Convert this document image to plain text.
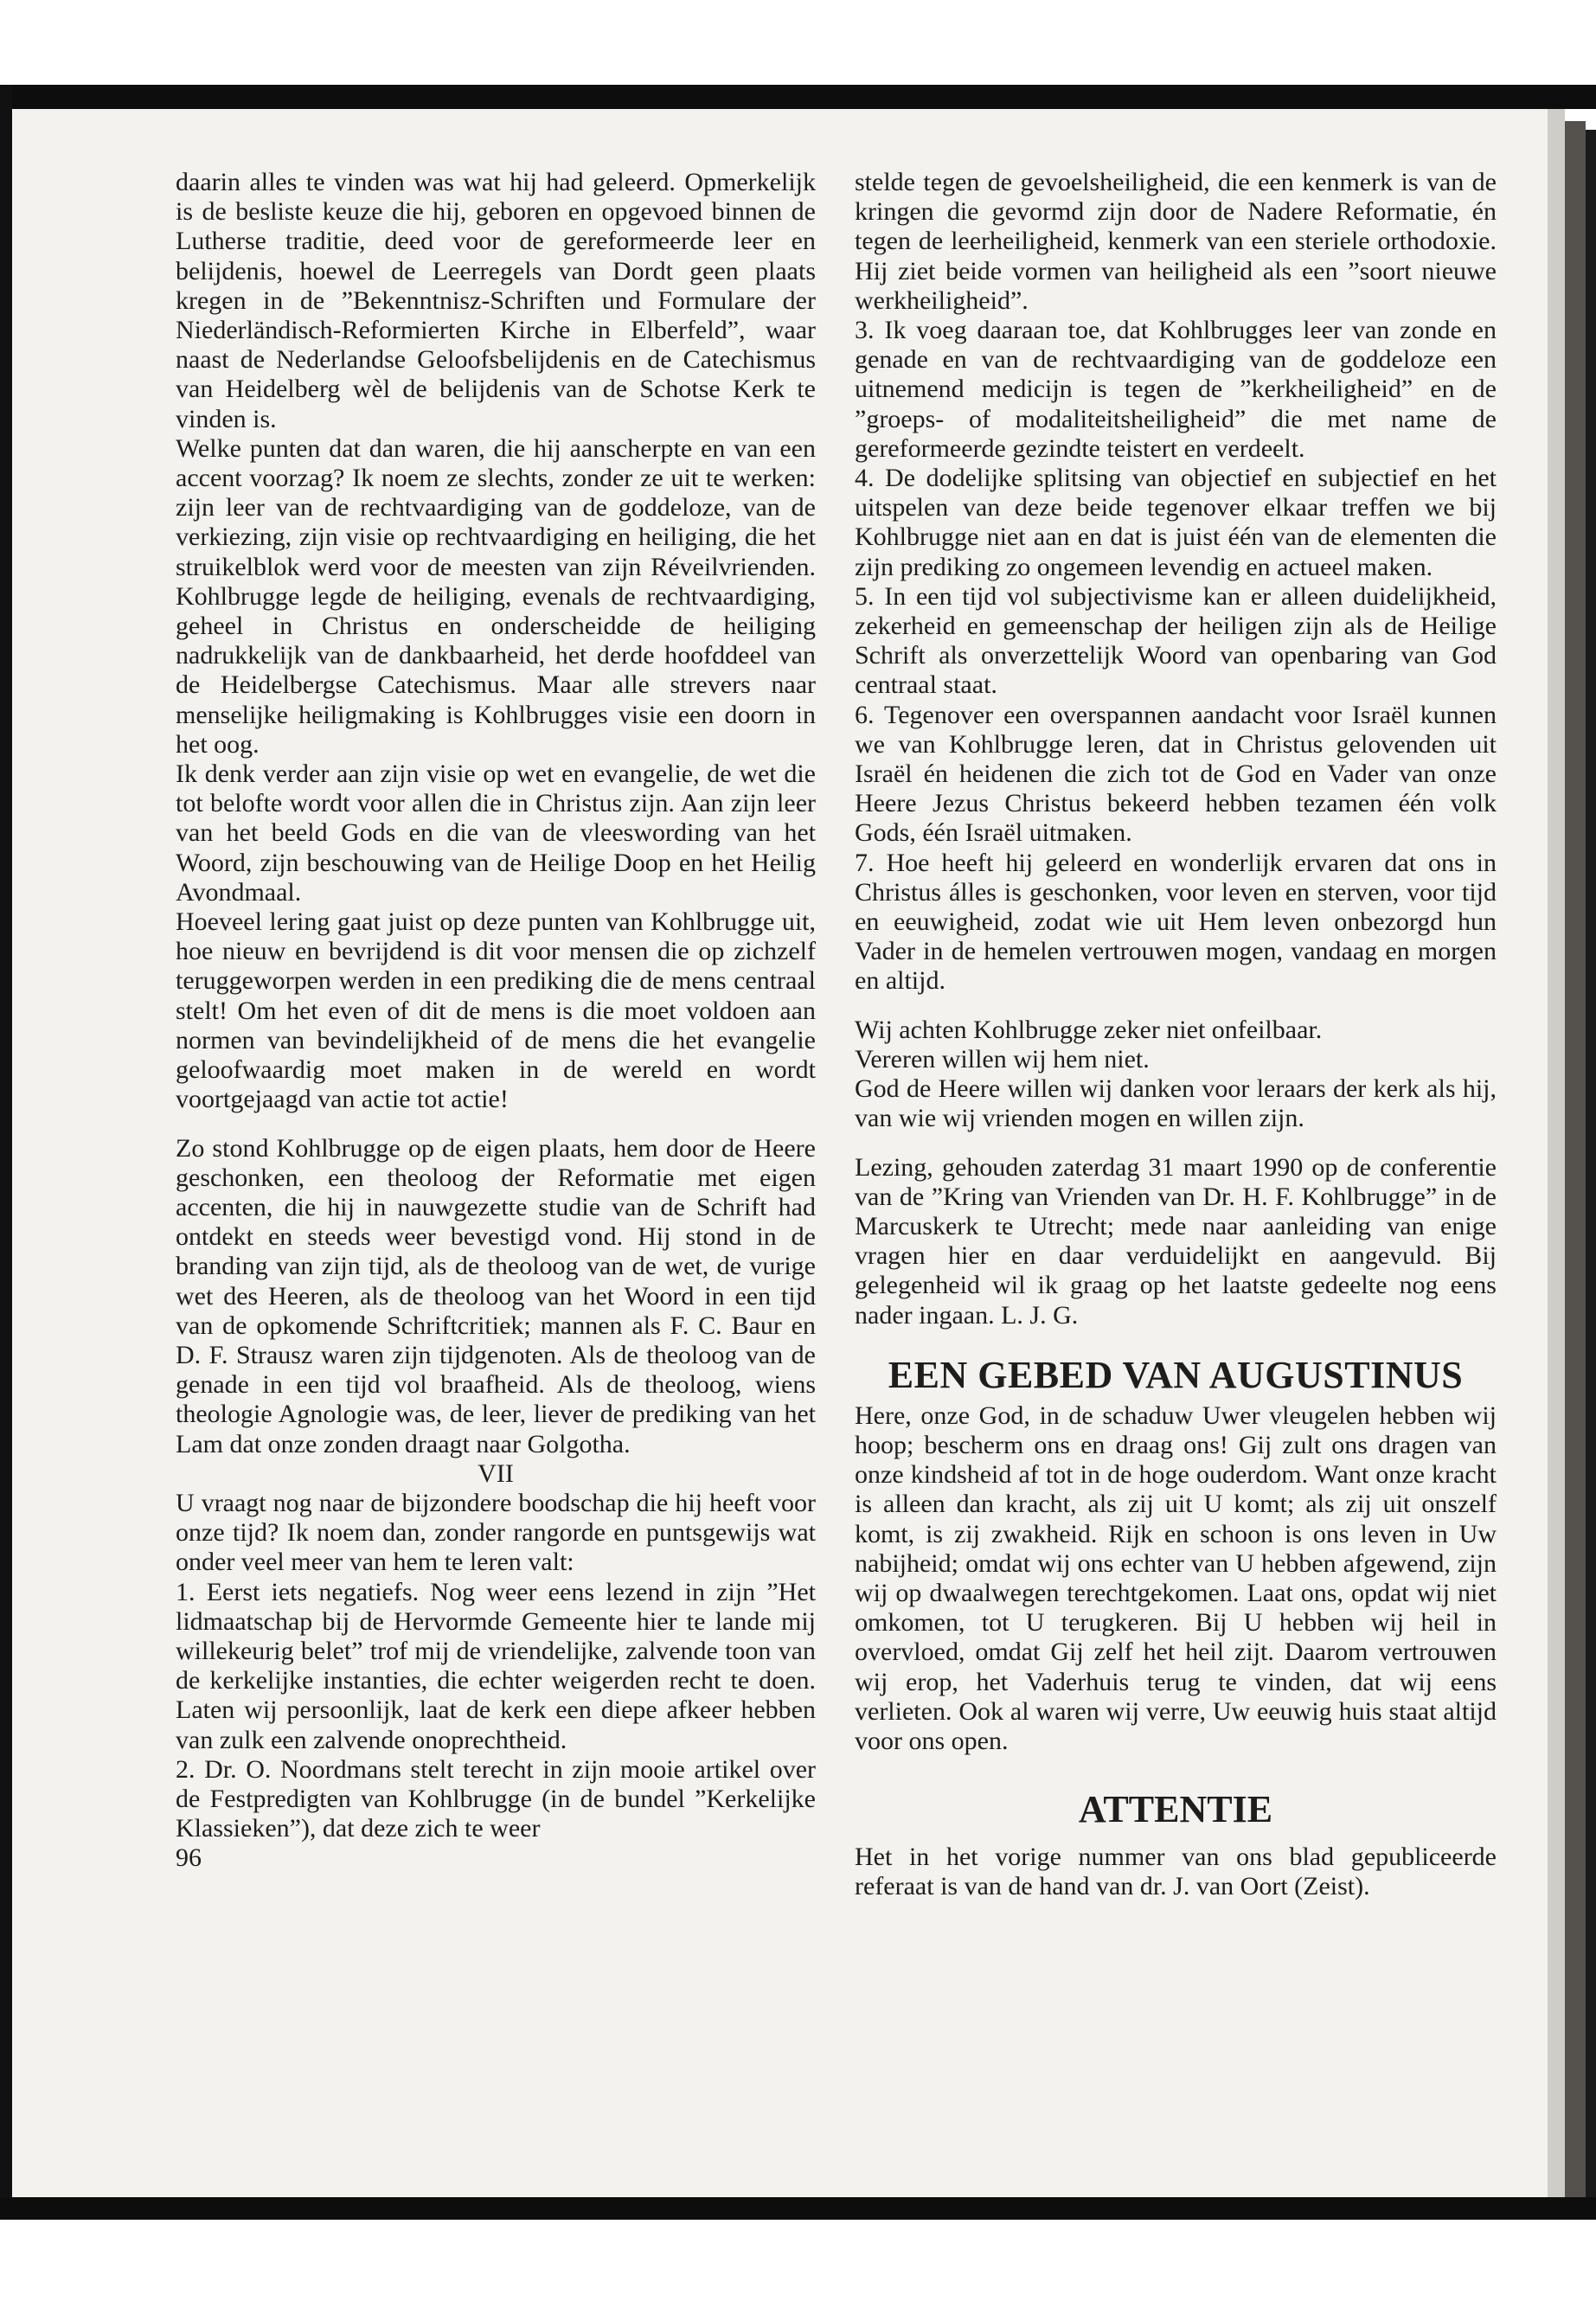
daarin alles te vinden was wat hij had geleerd. Opmerkelijk is de besliste keuze die hij, geboren en opgevoed binnen de Lutherse traditie, deed voor de gereformeerde leer en belijdenis, hoewel de Leerregels van Dordt geen plaats kregen in de ”Bekenntnisz-Schriften und Formulare der Niederländisch-Reformierten Kirche in Elberfeld”, waar naast de Nederlandse Geloofsbelijdenis en de Catechismus van Heidelberg wèl de belijdenis van de Schotse Kerk te vinden is.

Welke punten dat dan waren, die hij aanscherpte en van een accent voorzag? Ik noem ze slechts, zonder ze uit te werken: zijn leer van de rechtvaardiging van de goddeloze, van de verkiezing, zijn visie op rechtvaardiging en heiliging, die het struikelblok werd voor de meesten van zijn Réveilvrienden. Kohlbrugge legde de heiliging, evenals de rechtvaardiging, geheel in Christus en onderscheidde de heiliging nadrukkelijk van de dankbaarheid, het derde hoofddeel van de Heidelbergse Catechismus. Maar alle strevers naar menselijke heiligmaking is Kohlbrugges visie een doorn in het oog.

Ik denk verder aan zijn visie op wet en evangelie, de wet die tot belofte wordt voor allen die in Christus zijn. Aan zijn leer van het beeld Gods en die van de vleeswording van het Woord, zijn beschouwing van de Heilige Doop en het Heilig Avondmaal.

Hoeveel lering gaat juist op deze punten van Kohlbrugge uit, hoe nieuw en bevrijdend is dit voor mensen die op zichzelf teruggeworpen werden in een prediking die de mens centraal stelt! Om het even of dit de mens is die moet voldoen aan normen van bevindelijkheid of de mens die het evangelie geloofwaardig moet maken in de wereld en wordt voortgejaagd van actie tot actie!

Zo stond Kohlbrugge op de eigen plaats, hem door de Heere geschonken, een theoloog der Reformatie met eigen accenten, die hij in nauwgezette studie van de Schrift had ontdekt en steeds weer bevestigd vond. Hij stond in de branding van zijn tijd, als de theoloog van de wet, de vurige wet des Heeren, als de theoloog van het Woord in een tijd van de opkomende Schriftcritiek; mannen als F. C. Baur en D. F. Strausz waren zijn tijdgenoten. Als de theoloog van de genade in een tijd vol braafheid. Als de theoloog, wiens theologie Agnologie was, de leer, liever de prediking van het Lam dat onze zonden draagt naar Golgotha.

VII

U vraagt nog naar de bijzondere boodschap die hij heeft voor onze tijd? Ik noem dan, zonder rangorde en puntsgewijs wat onder veel meer van hem te leren valt:

1. Eerst iets negatiefs. Nog weer eens lezend in zijn ”Het lidmaatschap bij de Hervormde Gemeente hier te lande mij willekeurig belet” trof mij de vriendelijke, zalvende toon van de kerkelijke instanties, die echter weigerden recht te doen. Laten wij persoonlijk, laat de kerk een diepe afkeer hebben van zulk een zalvende onoprechtheid.

2. Dr. O. Noordmans stelt terecht in zijn mooie artikel over de Festpredigten van Kohlbrugge (in de bundel ”Kerkelijke Klassieken”), dat deze zich te weer

96

stelde tegen de gevoelsheiligheid, die een kenmerk is van de kringen die gevormd zijn door de Nadere Reformatie, én tegen de leerheiligheid, kenmerk van een steriele orthodoxie. Hij ziet beide vormen van heiligheid als een ”soort nieuwe werkheiligheid”.

3. Ik voeg daaraan toe, dat Kohlbrugges leer van zonde en genade en van de rechtvaardiging van de goddeloze een uitnemend medicijn is tegen de ”kerkheiligheid” en de ”groeps- of modaliteitsheiligheid” die met name de gereformeerde gezindte teistert en verdeelt.

4. De dodelijke splitsing van objectief en subjectief en het uitspelen van deze beide tegenover elkaar treffen we bij Kohlbrugge niet aan en dat is juist één van de elementen die zijn prediking zo ongemeen levendig en actueel maken.

5. In een tijd vol subjectivisme kan er alleen duidelijkheid, zekerheid en gemeenschap der heiligen zijn als de Heilige Schrift als onverzettelijk Woord van openbaring van God centraal staat.

6. Tegenover een overspannen aandacht voor Israël kunnen we van Kohlbrugge leren, dat in Christus gelovenden uit Israël én heidenen die zich tot de God en Vader van onze Heere Jezus Christus bekeerd hebben tezamen één volk Gods, één Israël uitmaken.

7. Hoe heeft hij geleerd en wonderlijk ervaren dat ons in Christus álles is geschonken, voor leven en sterven, voor tijd en eeuwigheid, zodat wie uit Hem leven onbezorgd hun Vader in de hemelen vertrouwen mogen, vandaag en morgen en altijd.

Wij achten Kohlbrugge zeker niet onfeilbaar.

Vereren willen wij hem niet.

God de Heere willen wij danken voor leraars der kerk als hij, van wie wij vrienden mogen en willen zijn.

Lezing, gehouden zaterdag 31 maart 1990 op de conferentie van de ”Kring van Vrienden van Dr. H. F. Kohlbrugge” in de Marcuskerk te Utrecht; mede naar aanleiding van enige vragen hier en daar verduidelijkt en aangevuld. Bij gelegenheid wil ik graag op het laatste gedeelte nog eens nader ingaan. L. J. G.

EEN GEBED VAN AUGUSTINUS

Here, onze God, in de schaduw Uwer vleugelen hebben wij hoop; bescherm ons en draag ons! Gij zult ons dragen van onze kindsheid af tot in de hoge ouderdom. Want onze kracht is alleen dan kracht, als zij uit U komt; als zij uit onszelf komt, is zij zwakheid. Rijk en schoon is ons leven in Uw nabijheid; omdat wij ons echter van U hebben afgewend, zijn wij op dwaalwegen terechtgekomen. Laat ons, opdat wij niet omkomen, tot U terugkeren. Bij U hebben wij heil in overvloed, omdat Gij zelf het heil zijt. Daarom vertrouwen wij erop, het Vaderhuis terug te vinden, dat wij eens verlieten. Ook al waren wij verre, Uw eeuwig huis staat altijd voor ons open.

ATTENTIE

Het in het vorige nummer van ons blad gepubliceerde referaat is van de hand van dr. J. van Oort (Zeist).
